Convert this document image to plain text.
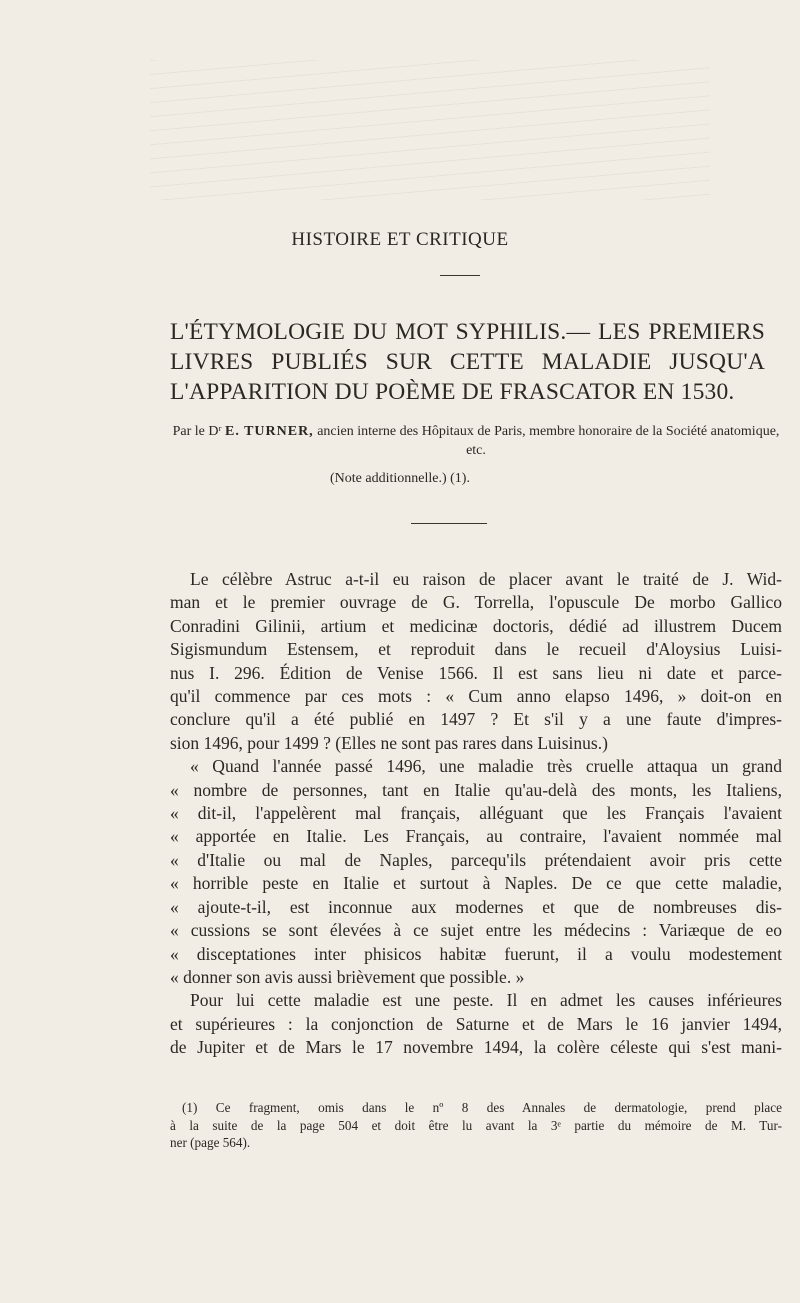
HISTOIRE ET CRITIQUE
L'ÉTYMOLOGIE DU MOT SYPHILIS.— LES PREMIERS LIVRES PUBLIÉS SUR CETTE MALADIE JUSQU'A L'APPARITION DU POÈME DE FRASCATOR EN 1530.
Par le Dʳ E. TURNER, ancien interne des Hôpitaux de Paris, membre honoraire de la Société anatomique, etc.
(Note additionnelle.) (1).
Le célèbre Astruc a-t-il eu raison de placer avant le traité de J. Wid-
man et le premier ouvrage de G. Torrella, l'opuscule De morbo Gallico
Conradini Gilinii, artium et medicinæ doctoris, dédié ad illustrem Ducem
Sigismundum Estensem, et reproduit dans le recueil d'Aloysius Luisi-
nus I. 296. Édition de Venise 1566. Il est sans lieu ni date et parce-
qu'il commence par ces mots : « Cum anno elapso 1496, » doit-on en
conclure qu'il a été publié en 1497 ? Et s'il y a une faute d'impres-
sion 1496, pour 1499 ? (Elles ne sont pas rares dans Luisinus.)
« Quand l'année passé 1496, une maladie très cruelle attaqua un grand
« nombre de personnes, tant en Italie qu'au-delà des monts, les Italiens,
« dit-il, l'appelèrent mal français, alléguant que les Français l'avaient
« apportée en Italie. Les Français, au contraire, l'avaient nommée mal
« d'Italie ou mal de Naples, parcequ'ils prétendaient avoir pris cette
« horrible peste en Italie et surtout à Naples. De ce que cette maladie,
« ajoute-t-il, est inconnue aux modernes et que de nombreuses dis-
« cussions se sont élevées à ce sujet entre les médecins : Variæque de eo
« disceptationes inter phisicos habitæ fuerunt, il a voulu modestement
« donner son avis aussi brièvement que possible. »
Pour lui cette maladie est une peste. Il en admet les causes inférieures
et supérieures : la conjonction de Saturne et de Mars le 16 janvier 1494,
de Jupiter et de Mars le 17 novembre 1494, la colère céleste qui s'est mani-
(1) Ce fragment, omis dans le nº 8 des Annales de dermatologie, prend place
à la suite de la page 504 et doit être lu avant la 3ᵉ partie du mémoire de M. Tur-
ner (page 564).
